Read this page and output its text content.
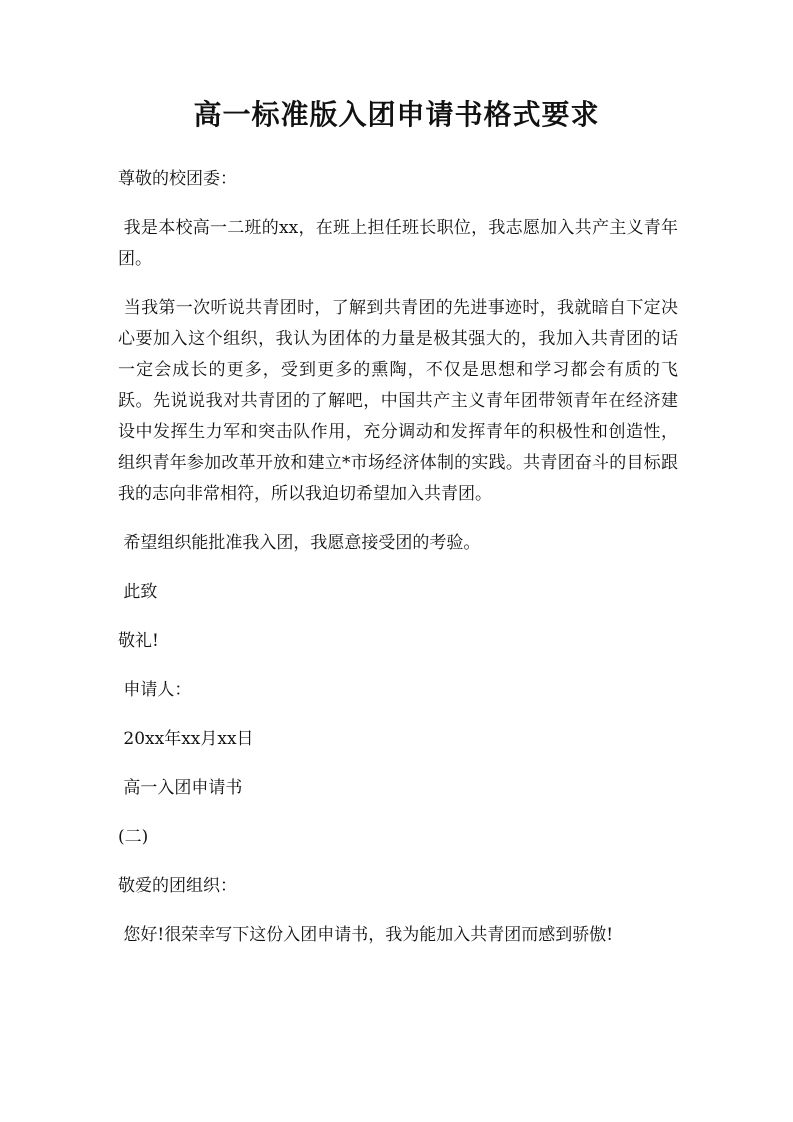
高一标准版入团申请书格式要求

尊敬的校团委：

我是本校高一二班的xx，在班上担任班长职位，我志愿加入共产主义青年团。

当我第一次听说共青团时，了解到共青团的先进事迹时，我就暗自下定决心要加入这个组织，我认为团体的力量是极其强大的，我加入共青团的话一定会成长的更多，受到更多的熏陶，不仅是思想和学习都会有质的飞跃。先说说我对共青团的了解吧，中国共产主义青年团带领青年在经济建设中发挥生力军和突击队作用，充分调动和发挥青年的积极性和创造性，组织青年参加改革开放和建立*市场经济体制的实践。共青团奋斗的目标跟我的志向非常相符，所以我迫切希望加入共青团。

希望组织能批准我入团，我愿意接受团的考验。

此致

敬礼!

申请人：

20xx年xx月xx日

高一入团申请书

(二)

敬爱的团组织：

您好!很荣幸写下这份入团申请书，我为能加入共青团而感到骄傲!
